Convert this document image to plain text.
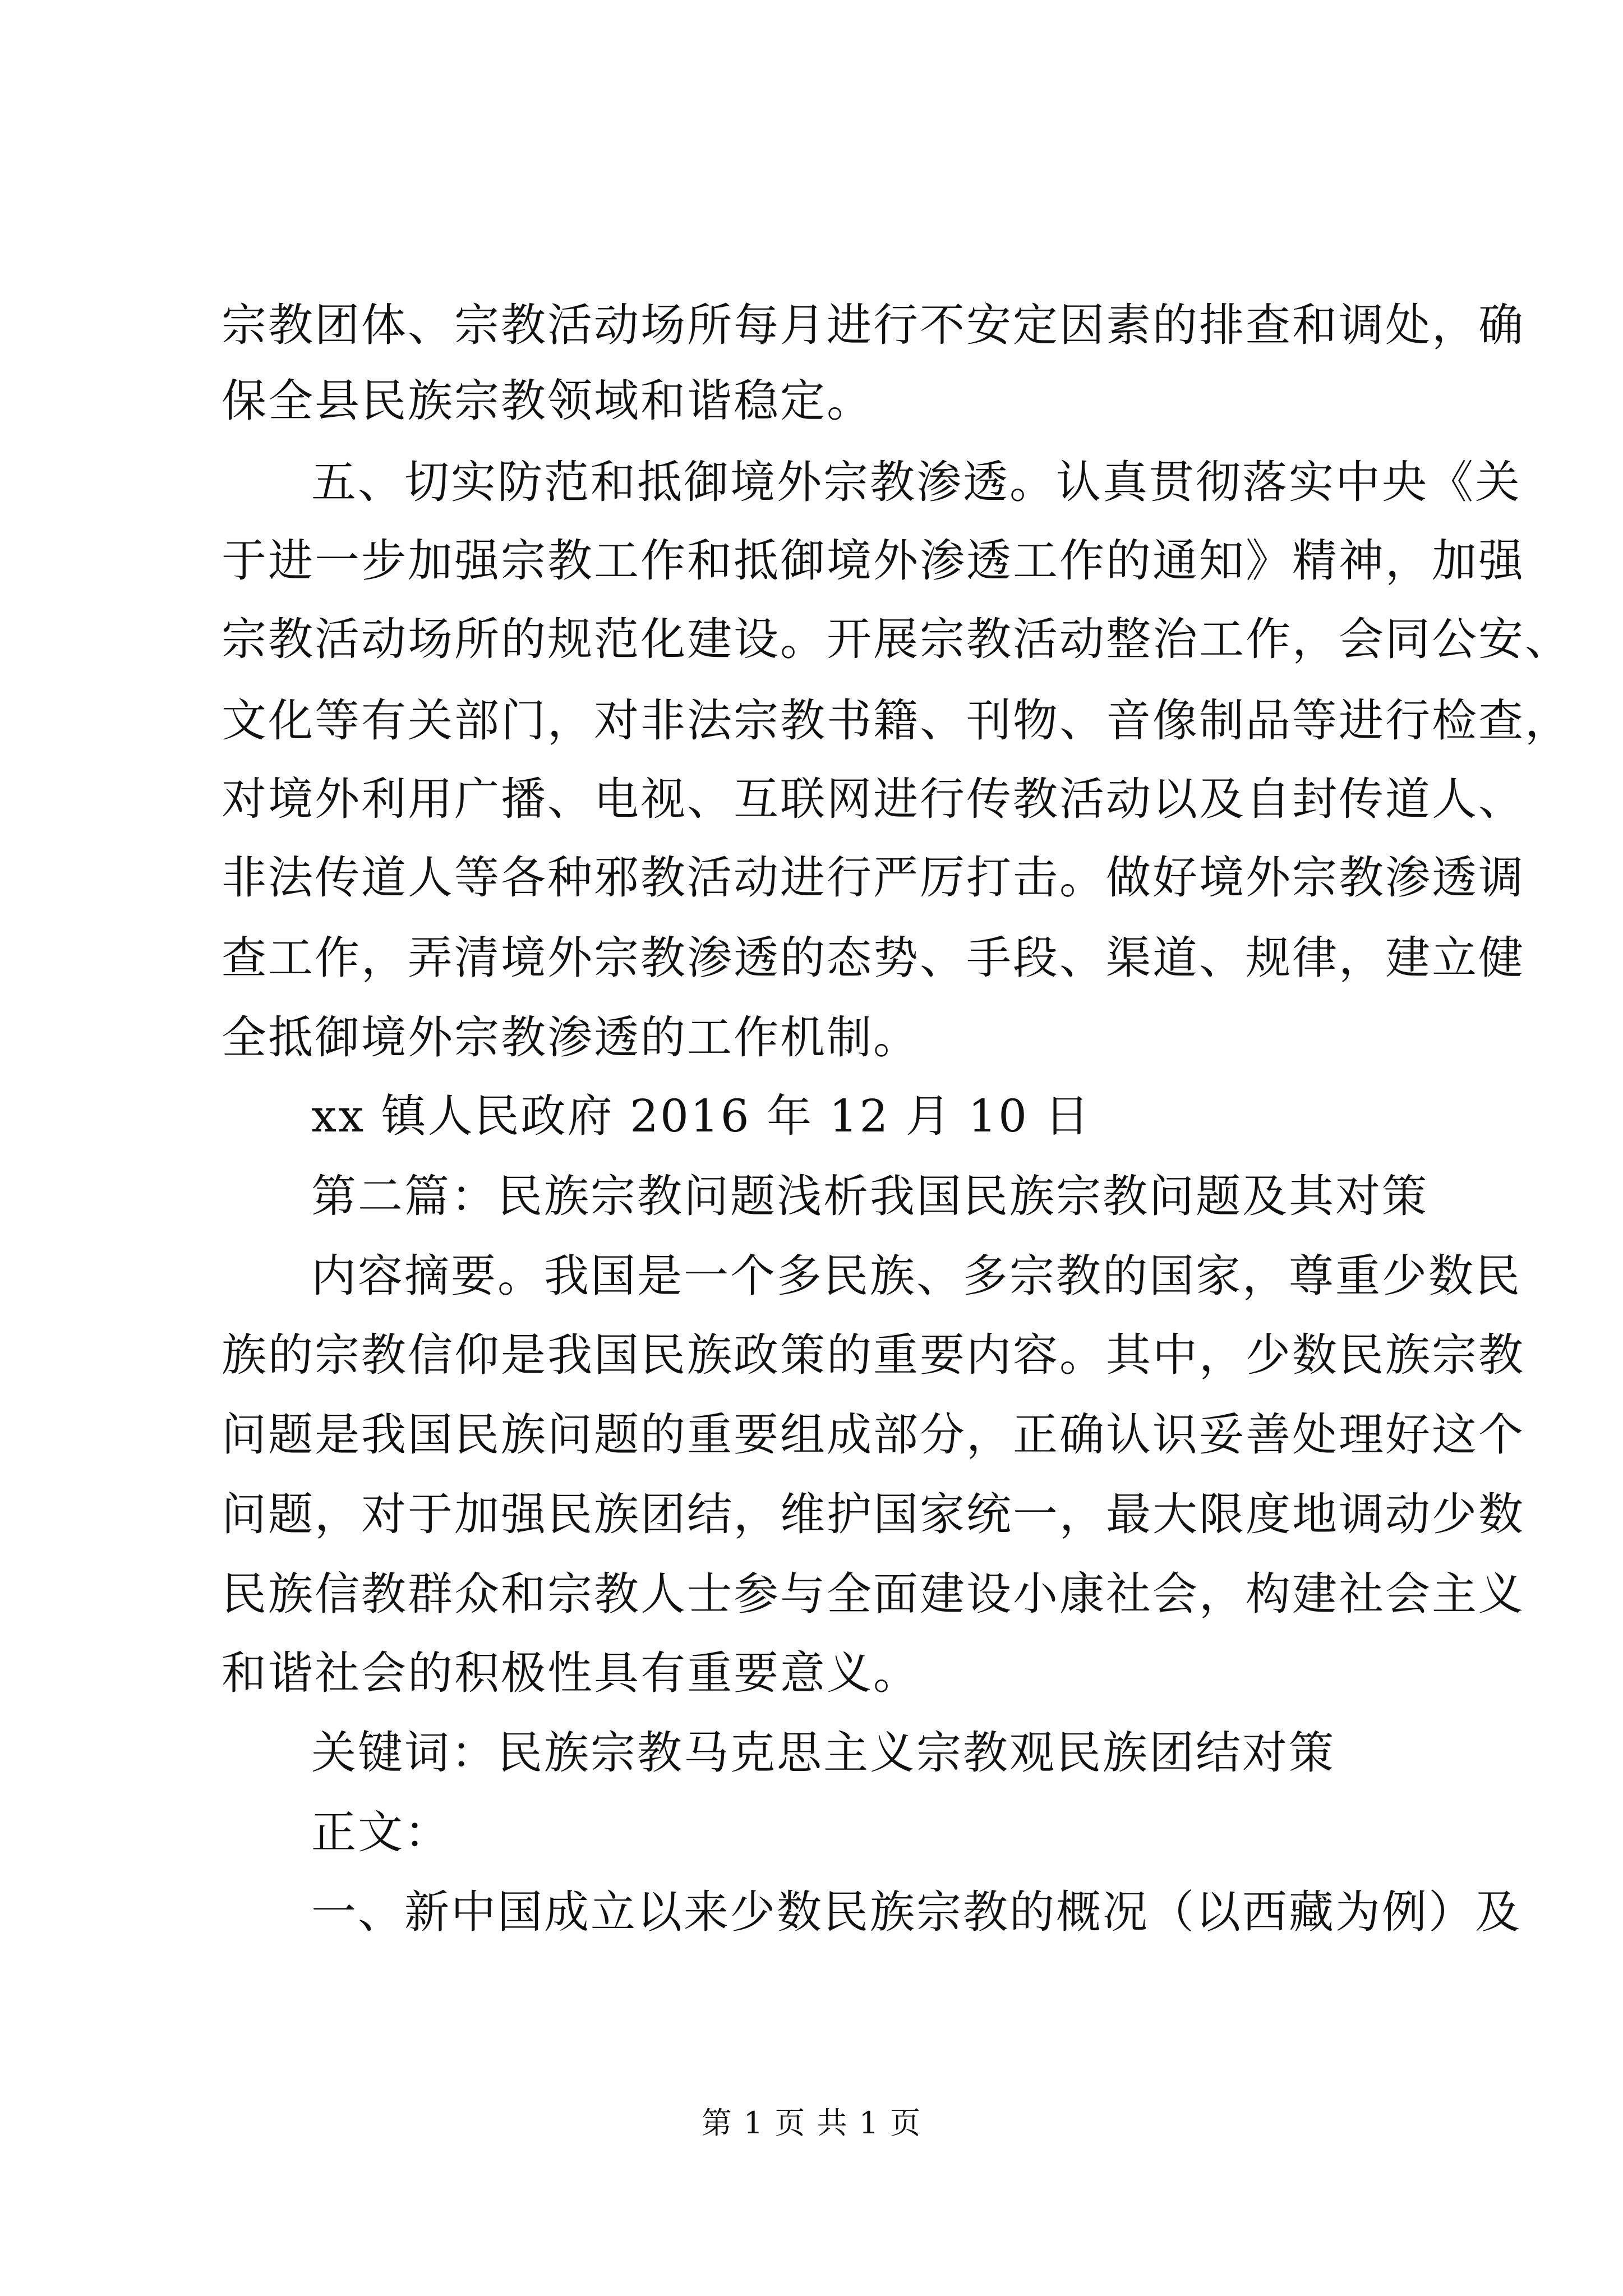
宗教团体、宗教活动场所每月进行不安定因素的排查和调处，确
保全县民族宗教领域和谐稳定。
五、切实防范和抵御境外宗教渗透。认真贯彻落实中央《关
于进一步加强宗教工作和抵御境外渗透工作的通知》精神，加强
宗教活动场所的规范化建设。开展宗教活动整治工作，会同公安、
文化等有关部门，对非法宗教书籍、刊物、音像制品等进行检查，
对境外利用广播、电视、互联网进行传教活动以及自封传道人、
非法传道人等各种邪教活动进行严厉打击。做好境外宗教渗透调
查工作，弄清境外宗教渗透的态势、手段、渠道、规律，建立健
全抵御境外宗教渗透的工作机制。
xx 镇人民政府 2016 年 12 月 10 日
第二篇：民族宗教问题浅析我国民族宗教问题及其对策
内容摘要。我国是一个多民族、多宗教的国家，尊重少数民
族的宗教信仰是我国民族政策的重要内容。其中，少数民族宗教
问题是我国民族问题的重要组成部分，正确认识妥善处理好这个
问题，对于加强民族团结，维护国家统一，最大限度地调动少数
民族信教群众和宗教人士参与全面建设小康社会，构建社会主义
和谐社会的积极性具有重要意义。
关键词：民族宗教马克思主义宗教观民族团结对策
正文：
一、新中国成立以来少数民族宗教的概况（以西藏为例）及
第 1 页 共 1 页
